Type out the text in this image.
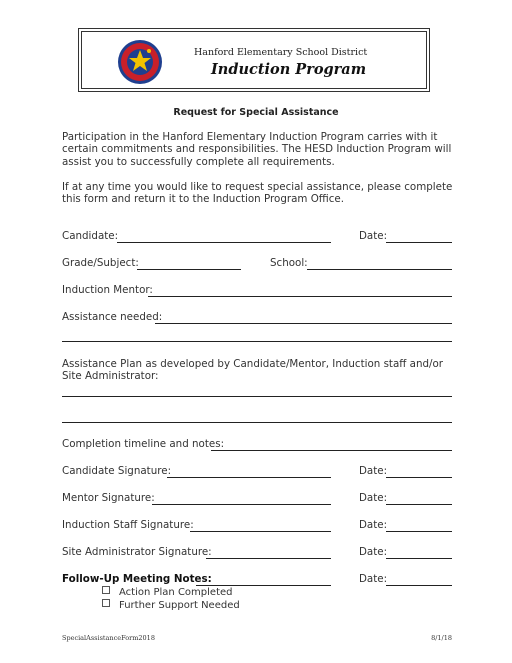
Hanford Elementary School District
Induction Program
Request for Special Assistance
Participation in the Hanford Elementary Induction Program carries with it certain commitments and responsibilities. The HESD Induction Program will assist you to successfully complete all requirements.
If at any time you would like to request special assistance, please complete this form and return it to the Induction Program Office.
Candidate:	Date:
Grade/Subject:	School:
Induction Mentor:
Assistance needed:
Assistance Plan as developed by Candidate/Mentor, Induction staff and/or Site Administrator:
Completion timeline and notes:
Candidate Signature:	Date:
Mentor Signature:	Date:
Induction Staff Signature:	Date:
Site Administrator Signature:	Date:
Follow-Up Meeting Notes:	Date:
Action Plan Completed
Further Support Needed
SpecialAssistanceForm2018	8/1/18
